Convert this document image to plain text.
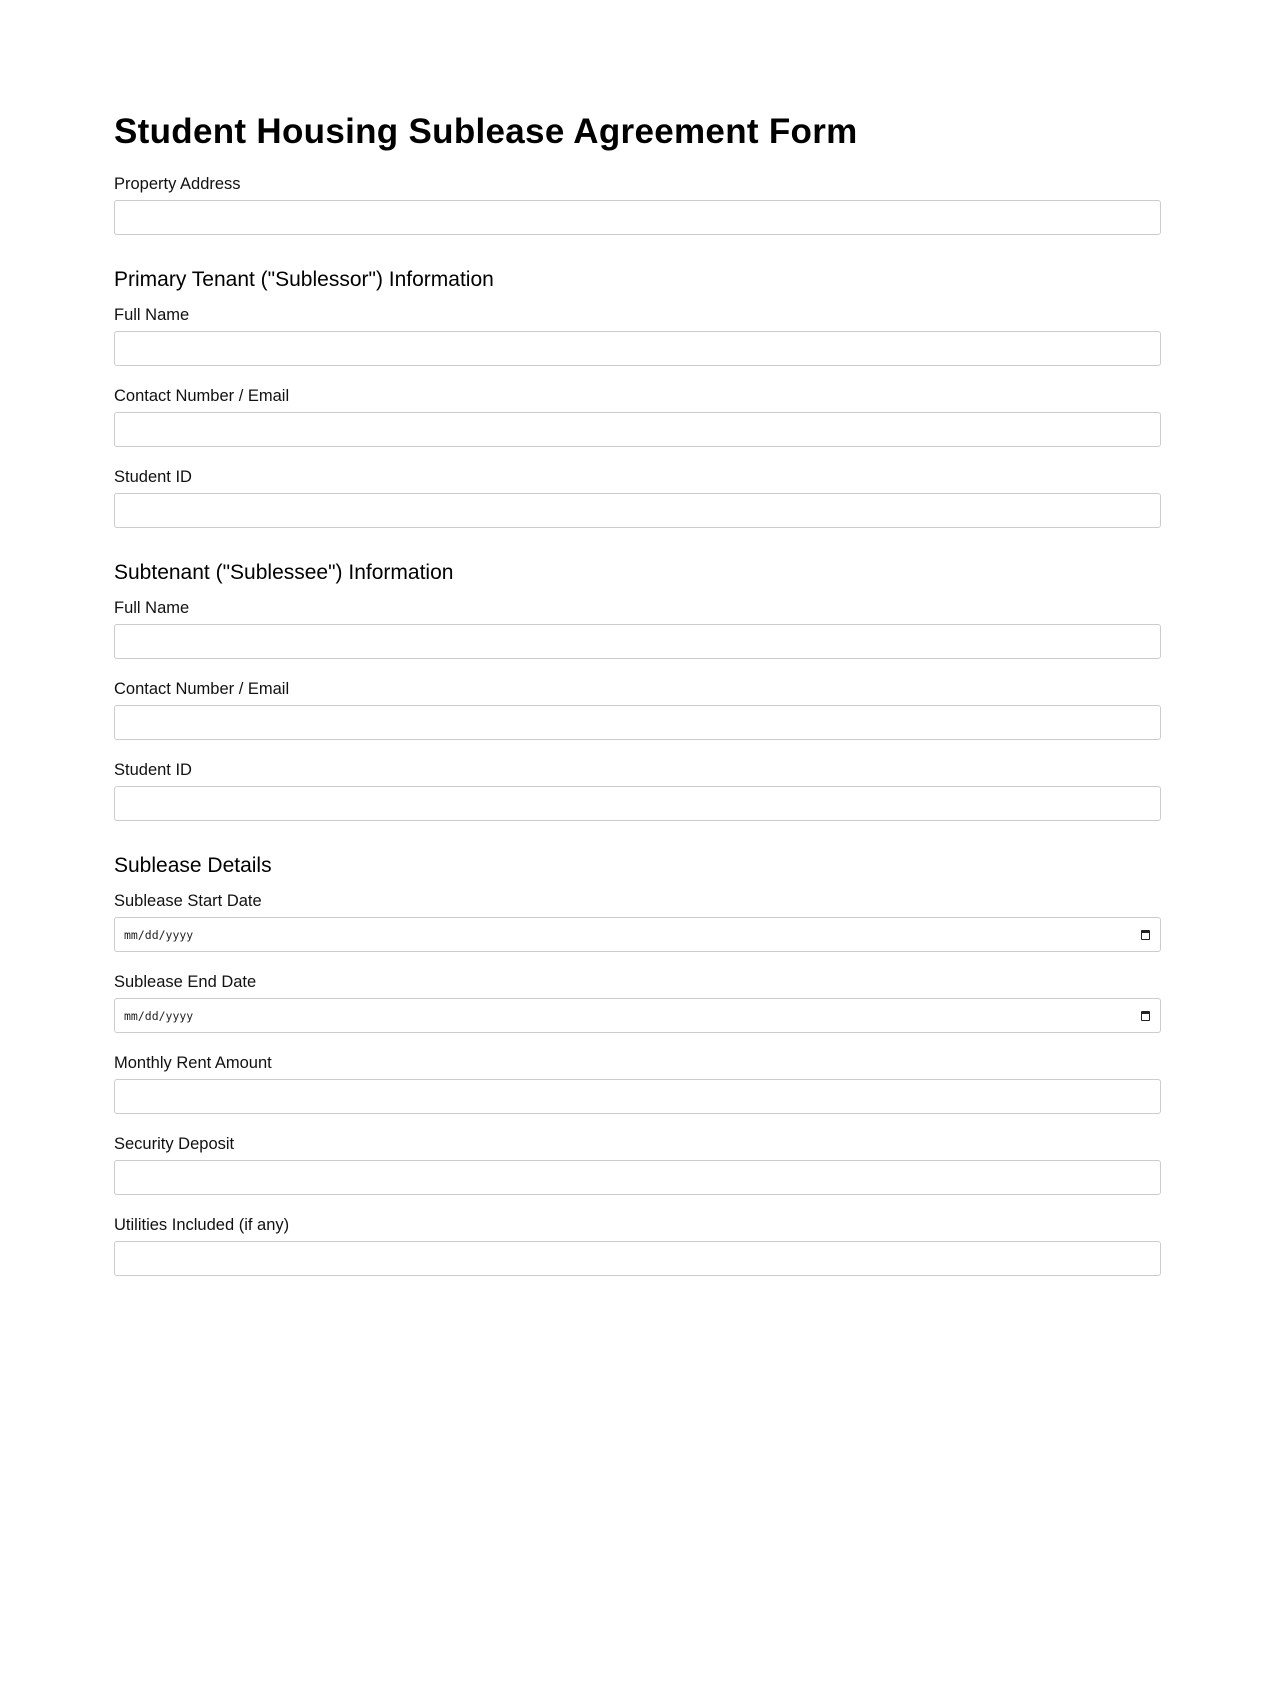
Student Housing Sublease Agreement Form
Property Address
Primary Tenant ("Sublessor") Information
Full Name
Contact Number / Email
Student ID
Subtenant ("Sublessee") Information
Full Name
Contact Number / Email
Student ID
Sublease Details
Sublease Start Date
mm/dd/yyyy
Sublease End Date
mm/dd/yyyy
Monthly Rent Amount
Security Deposit
Utilities Included (if any)
